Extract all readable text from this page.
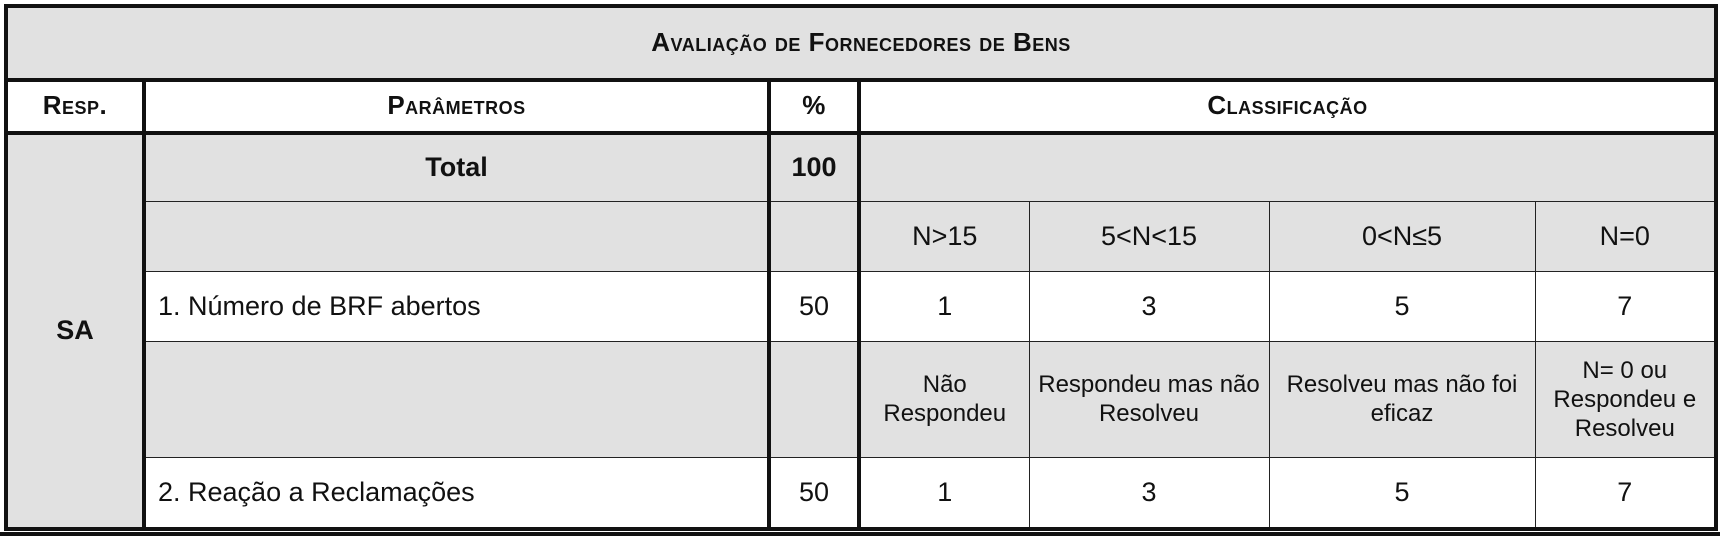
Avaliação de Fornecedores de Bens						
Resp.	Parâmetros	%	Classificação			
SA	Total	100				
			N>15	5<N<15	0<N≤5	N=0
	1. Número de BRF abertos	50	1	3	5	7
			Não Respondeu	Respondeu mas não Resolveu	Resolveu mas não foi eficaz	N= 0 ou Respondeu e Resolveu
	2. Reação a Reclamações	50	1	3	5	7
